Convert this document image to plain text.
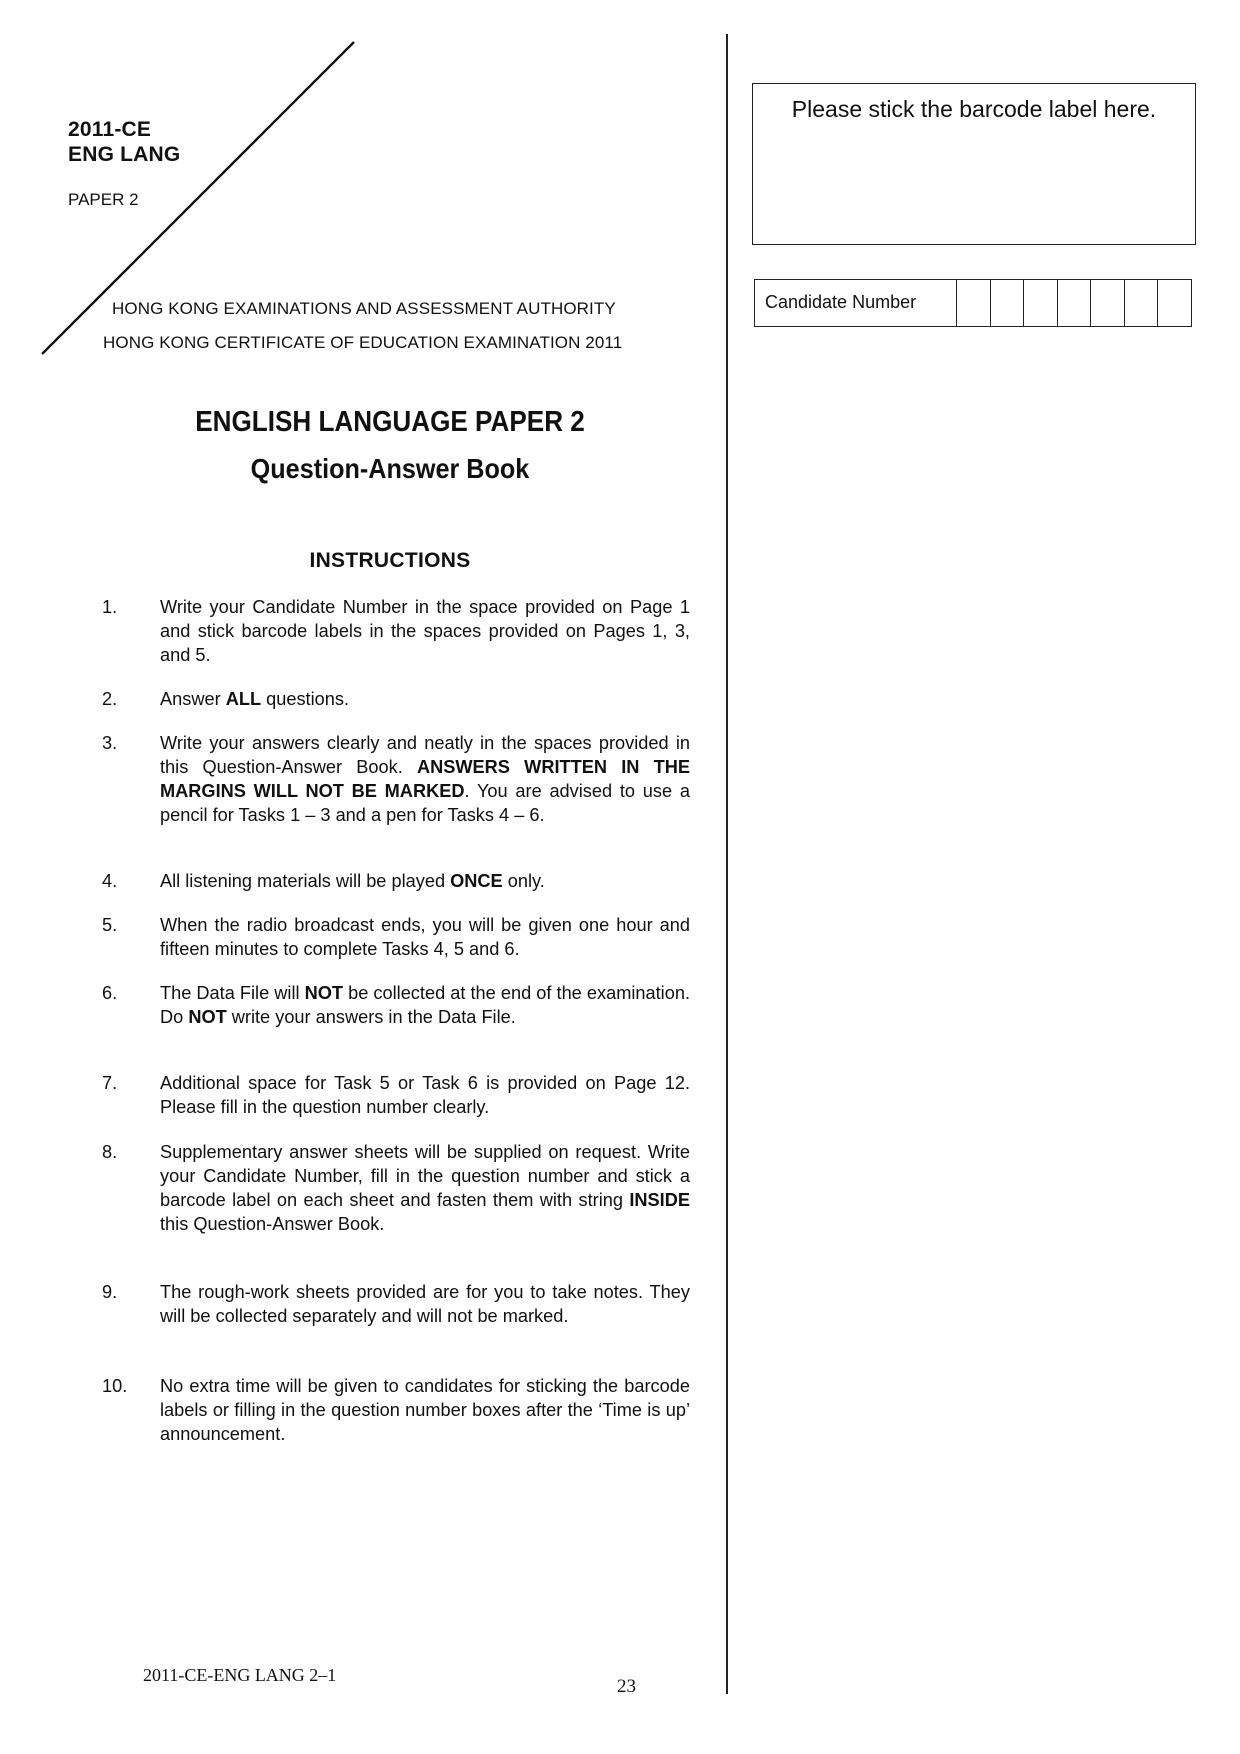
2011-CE
ENG LANG
PAPER 2
HONG KONG EXAMINATIONS AND ASSESSMENT AUTHORITY
HONG KONG CERTIFICATE OF EDUCATION EXAMINATION 2011
ENGLISH LANGUAGE PAPER 2
Question-Answer Book
INSTRUCTIONS
1.	Write your Candidate Number in the space provided on Page 1 and stick barcode labels in the spaces provided on Pages 1, 3, and 5.
2.	Answer ALL questions.
3.	Write your answers clearly and neatly in the spaces provided in this Question-Answer Book. ANSWERS WRITTEN IN THE MARGINS WILL NOT BE MARKED. You are advised to use a pencil for Tasks 1 – 3 and a pen for Tasks 4 – 6.
4.	All listening materials will be played ONCE only.
5.	When the radio broadcast ends, you will be given one hour and fifteen minutes to complete Tasks 4, 5 and 6.
6.	The Data File will NOT be collected at the end of the examination. Do NOT write your answers in the Data File.
7.	Additional space for Task 5 or Task 6 is provided on Page 12. Please fill in the question number clearly.
8.	Supplementary answer sheets will be supplied on request. Write your Candidate Number, fill in the question number and stick a barcode label on each sheet and fasten them with string INSIDE this Question-Answer Book.
9.	The rough-work sheets provided are for you to take notes. They will be collected separately and will not be marked.
10.	No extra time will be given to candidates for sticking the barcode labels or filling in the question number boxes after the ‘Time is up’ announcement.
Please stick the barcode label here.
Candidate Number
2011-CE-ENG LANG 2–1
23
